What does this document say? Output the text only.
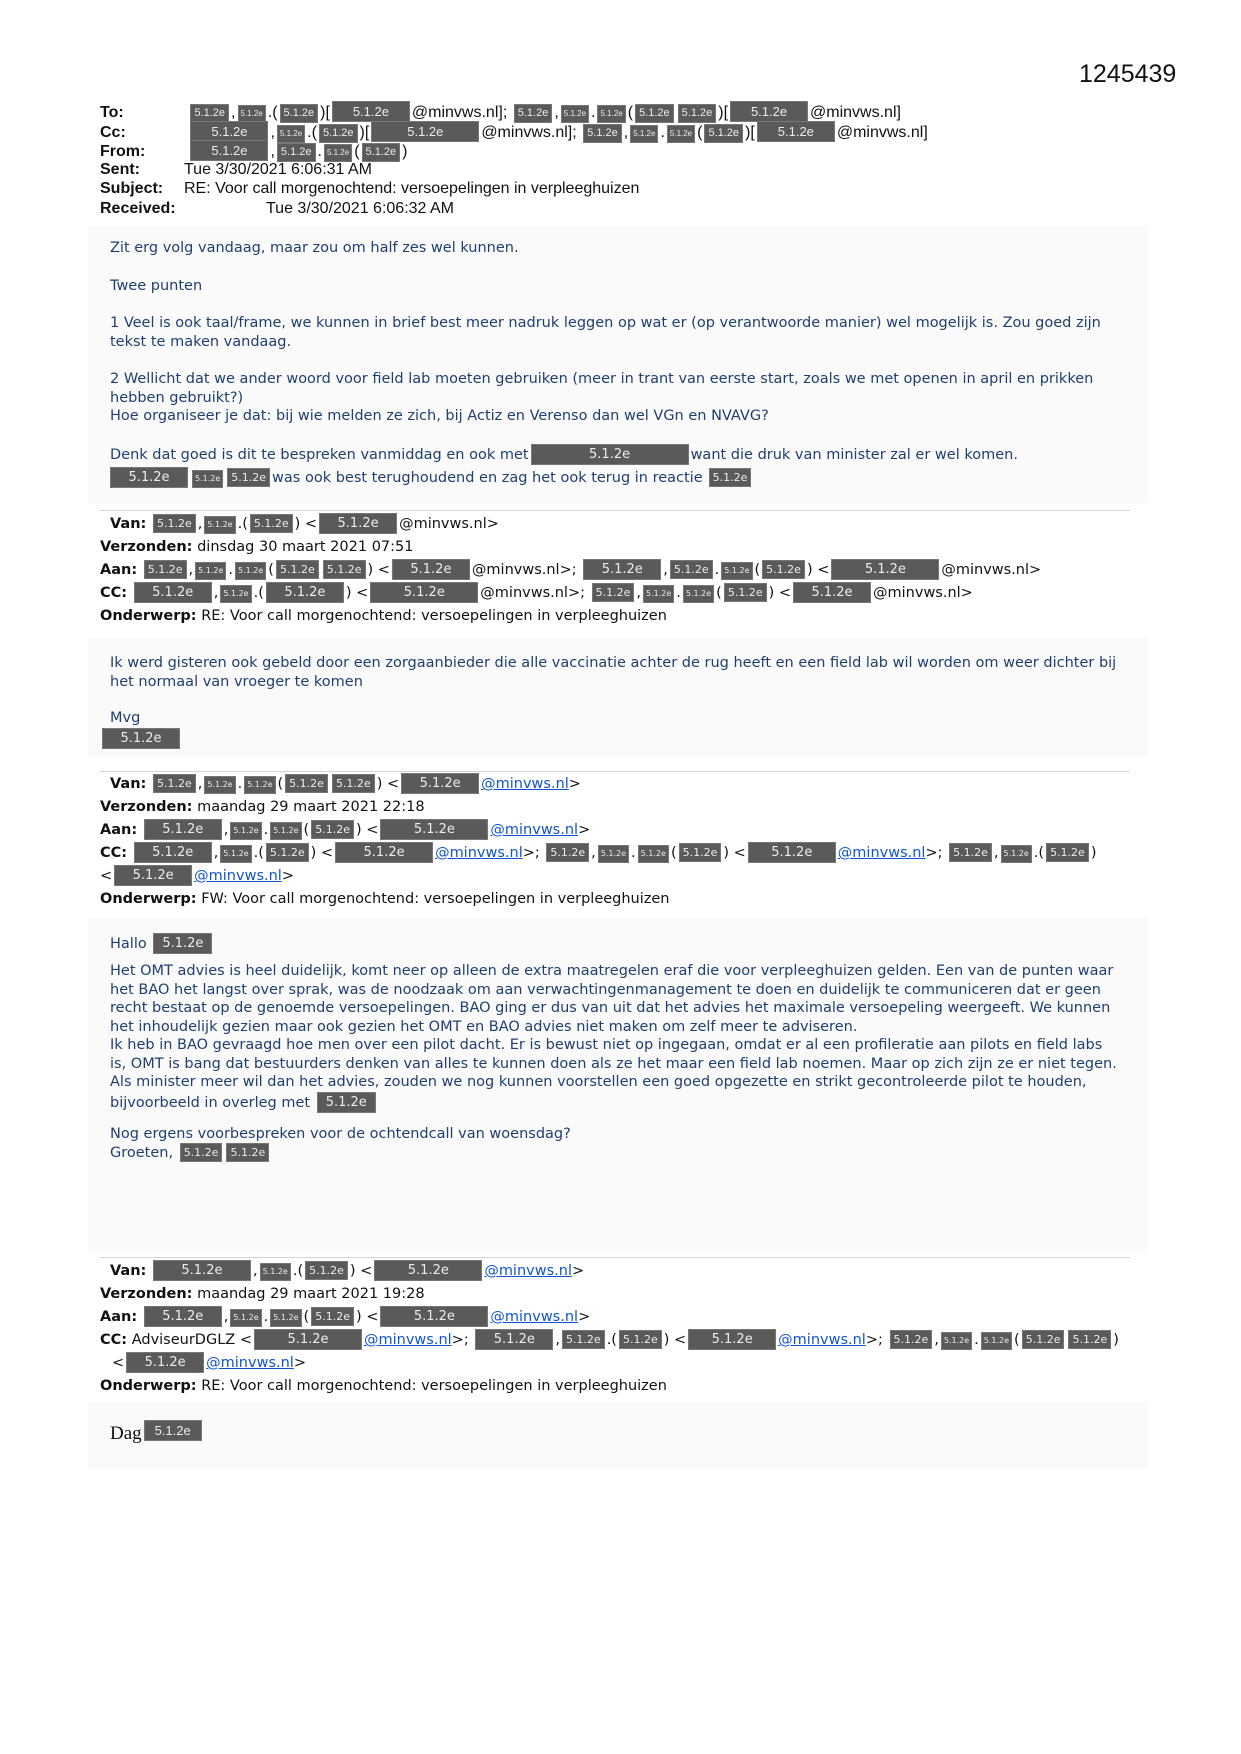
1245439
To:	5.1.2e , 5.1.2e .( 5.1.2e )[ 5.1.2e @minvws.nl]; 5.1.2e , 5.1.2e . 5.1.2e ( 5.1.2e 5.1.2e )[ 5.1.2e @minvws.nl]
Cc:	5.1.2e , 5.1.2e .( 5.1.2e )[	5.1.2e @minvws.nl]; 5.1.2e , 5.1.2e . 5.1.2e ( 5.1.2e )[ 5.1.2e @minvws.nl]
From:	5.1.2e , 5.1.2e . 5.1.2e ( 5.1.2e )
Sent:	Tue 3/30/2021 6:06:31 AM
Subject: RE: Voor call morgenochtend: versoepelingen in verpleeghuizen
Received:	Tue 3/30/2021 6:06:32 AM

Zit erg volg vandaag, maar zou om half zes wel kunnen.

Twee punten

1 Veel is ook taal/frame, we kunnen in brief best meer nadruk leggen op wat er (op verantwoorde manier) wel mogelijk is. Zou goed zijn tekst te maken vandaag.

2 Wellicht dat we ander woord voor field lab moeten gebruiken (meer in trant van eerste start, zoals we met openen in april en prikken hebben gebruikt?)

Hoe organiseer je dat: bij wie melden ze zich, bij Actiz en Verenso dan wel VGn en NVAVG?

Denk dat goed is dit te bespreken vanmiddag en ook met	5.1.2e	want die druk van minister zal er wel komen.

5.1.2e	5.1.2e 5.1.2e was ook best terughoudend en zag het ook terug in reactie 5.1.2e

Van: 5.1.2e , 5.1.2e .( 5.1.2e ) < 5.1.2e @minvws.nl>
Verzonden: dinsdag 30 maart 2021 07:51
Aan: 5.1.2e , 5.1.2e . 5.1.2e ( 5.1.2e 5.1.2e ) < 5.1.2e @minvws.nl>; 5.1.2e , 5.1.2e . 5.1.2e ( 5.1.2e ) <	5.1.2e @minvws.nl>
CC: 5.1.2e , 5.1.2e .( 5.1.2e ) <	5.1.2e @minvws.nl>; 5.1.2e , 5.1.2e . 5.1.2e ( 5.1.2e ) < 5.1.2e @minvws.nl>
Onderwerp: RE: Voor call morgenochtend: versoepelingen in verpleeghuizen

Ik werd gisteren ook gebeld door een zorgaanbieder die alle vaccinatie achter de rug heeft en een field lab wil worden om weer dichter bij het normaal van vroeger te komen

Mvg

5.1.2e

Van: 5.1.2e , 5.1.2e . 5.1.2e ( 5.1.2e 5.1.2e ) < 5.1.2e @minvws.nl>
Verzonden: maandag 29 maart 2021 22:18
Aan: 5.1.2e , 5.1.2e . 5.1.2e ( 5.1.2e ) <	5.1.2e @minvws.nl>
CC: 5.1.2e , 5.1.2e .( 5.1.2e ) < 5.1.2e @minvws.nl>; 5.1.2e , 5.1.2e . 5.1.2e ( 5.1.2e ) < 5.1.2e @minvws.nl>; 5.1.2e , 5.1.2e .( 5.1.2e )
< 5.1.2e @minvws.nl>
Onderwerp: FW: Voor call morgenochtend: versoepelingen in verpleeghuizen

Hallo 5.1.2e

Het OMT advies is heel duidelijk, komt neer op alleen de extra maatregelen eraf die voor verpleeghuizen gelden. Een van de punten waar het BAO het langst over sprak, was de noodzaak om aan verwachtingenmanagement te doen en duidelijk te communiceren dat er geen recht bestaat op de genoemde versoepelingen. BAO ging er dus van uit dat het advies het maximale versoepeling weergeeft. We kunnen het inhoudelijk gezien maar ook gezien het OMT en BAO advies niet maken om zelf meer te adviseren.

Ik heb in BAO gevraagd hoe men over een pilot dacht. Er is bewust niet op ingegaan, omdat er al een profileratie aan pilots en field labs is, OMT is bang dat bestuurders denken van alles te kunnen doen als ze het maar een field lab noemen. Maar op zich zijn ze er niet tegen. Als minister meer wil dan het advies, zouden we nog kunnen voorstellen een goed opgezette en strikt gecontroleerde pilot te houden, bijvoorbeeld in overleg met 5.1.2e

Nog ergens voorbespreken voor de ochtendcall van woensdag?

Groeten, 5.1.2e 5.1.2e

Van:	5.1.2e , 5.1.2e .( 5.1.2e ) <	5.1.2e @minvws.nl>
Verzonden: maandag 29 maart 2021 19:28
Aan: 5.1.2e , 5.1.2e . 5.1.2e ( 5.1.2e ) <	5.1.2e @minvws.nl>
CC: AdviseurDGLZ <	5.1.2e @minvws.nl>; 5.1.2e , 5.1.2e .( 5.1.2e ) < 5.1.2e @minvws.nl>; 5.1.2e , 5.1.2e . 5.1.2e ( 5.1.2e 5.1.2e )
< 5.1.2e @minvws.nl>
Onderwerp: RE: Voor call morgenochtend: versoepelingen in verpleeghuizen
Dag 5.1.2e
